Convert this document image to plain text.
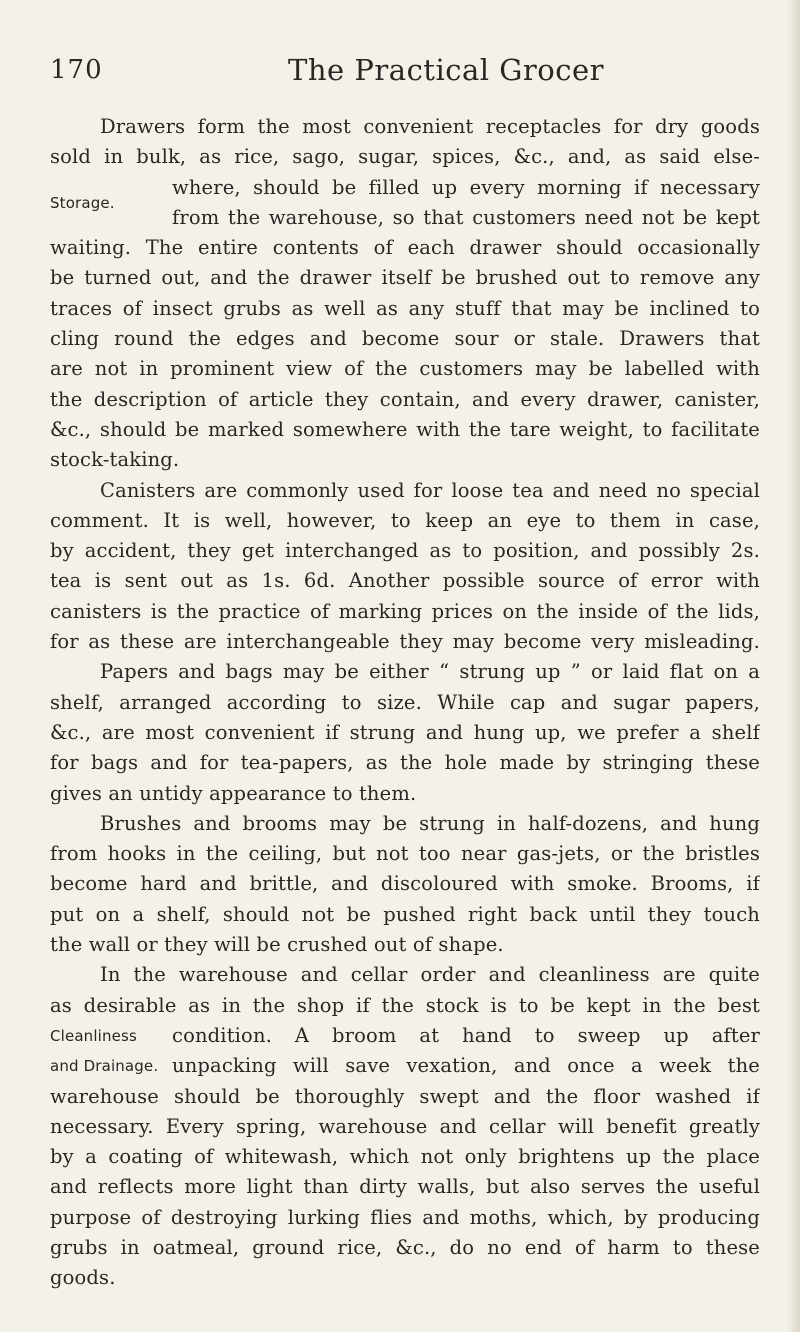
170	The Practical Grocer
Drawers form the most convenient receptacles for dry goods
sold in bulk, as rice, sago, sugar, spices, &c., and, as said else-
where, should be filled up every morning if necessary
Storage.
from the warehouse, so that customers need not be kept
waiting. The entire contents of each drawer should occasionally
be turned out, and the drawer itself be brushed out to remove any
traces of insect grubs as well as any stuff that may be inclined to
cling round the edges and become sour or stale. Drawers that
are not in prominent view of the customers may be labelled with
the description of article they contain, and every drawer, canister,
&c., should be marked somewhere with the tare weight, to facilitate
stock-taking.
Canisters are commonly used for loose tea and need no special
comment. It is well, however, to keep an eye to them in case,
by accident, they get interchanged as to position, and possibly 2s.
tea is sent out as 1s. 6d. Another possible source of error with
canisters is the practice of marking prices on the inside of the lids,
for as these are interchangeable they may become very misleading.
Papers and bags may be either “ strung up ” or laid flat on a
shelf, arranged according to size. While cap and sugar papers,
&c., are most convenient if strung and hung up, we prefer a shelf
for bags and for tea-papers, as the hole made by stringing these
gives an untidy appearance to them.
Brushes and brooms may be strung in half-dozens, and hung
from hooks in the ceiling, but not too near gas-jets, or the bristles
become hard and brittle, and discoloured with smoke. Brooms, if
put on a shelf, should not be pushed right back until they touch
the wall or they will be crushed out of shape.
In the warehouse and cellar order and cleanliness are quite
as desirable as in the shop if the stock is to be kept in the best
Cleanliness	condition. A broom at hand to sweep up after
and Drainage. unpacking will save vexation, and once a week the
warehouse should be thoroughly swept and the floor washed if
necessary. Every spring, warehouse and cellar will benefit greatly
by a coating of whitewash, which not only brightens up the place
and reflects more light than dirty walls, but also serves the useful
purpose of destroying lurking flies and moths, which, by producing
grubs in oatmeal, ground rice, &c., do no end of harm to these
goods.
